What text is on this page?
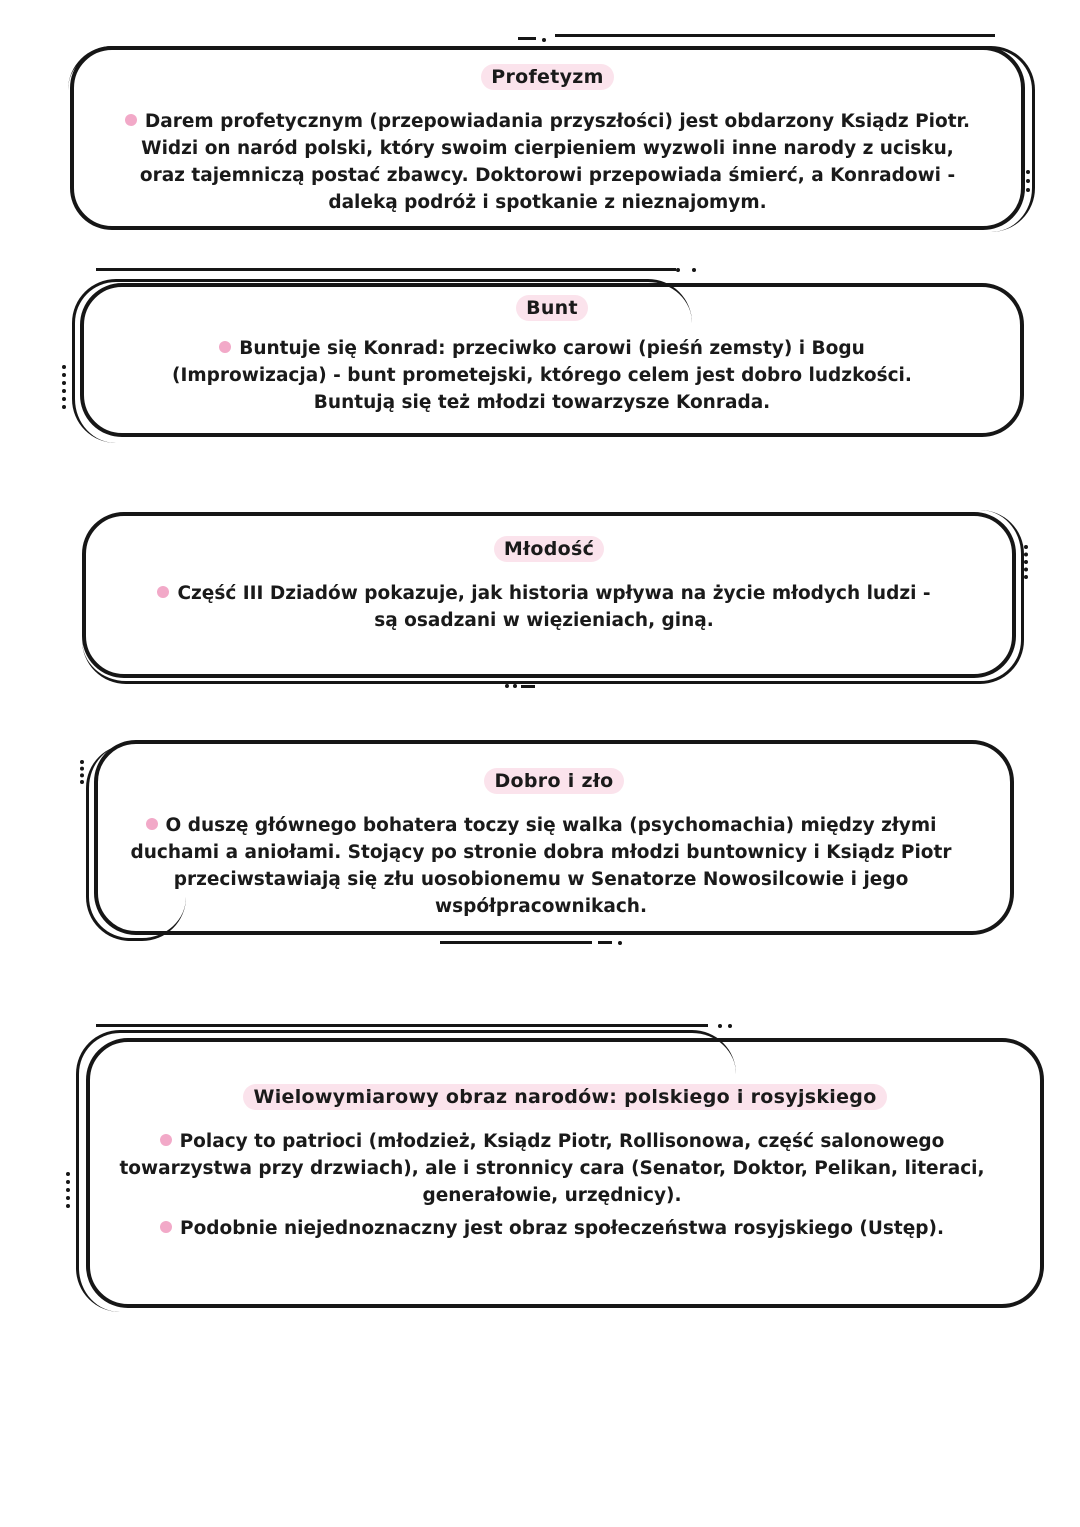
Profetyzm

Darem profetycznym (przepowiadania przyszłości) jest obdarzony Ksiądz Piotr. Widzi on naród polski, który swoim cierpieniem wyzwoli inne narody z ucisku, oraz tajemniczą postać zbawcy. Doktorowi przepowiada śmierć, a Konradowi - daleką podróż i spotkanie z nieznajomym.

Bunt

Buntuje się Konrad: przeciwko carowi (pieśń zemsty) i Bogu (Improwizacja) - bunt prometejski, którego celem jest dobro ludzkości. Buntują się też młodzi towarzysze Konrada.

Młodość

Część III Dziadów pokazuje, jak historia wpływa na życie młodych ludzi - są osadzani w więzieniach, giną.

Dobro i zło

O duszę głównego bohatera toczy się walka (psychomachia) między złymi duchami a aniołami. Stojący po stronie dobra młodzi buntownicy i Ksiądz Piotr przeciwstawiają się złu uosobionemu w Senatorze Nowosilcowie i jego współpracownikach.

Wielowymiarowy obraz narodów: polskiego i rosyjskiego

Polacy to patrioci (młodzież, Ksiądz Piotr, Rollisonowa, część salonowego towarzystwa przy drzwiach), ale i stronnicy cara (Senator, Doktor, Pelikan, literaci, generałowie, urzędnicy).

Podobnie niejednoznaczny jest obraz społeczeństwa rosyjskiego (Ustęp).
